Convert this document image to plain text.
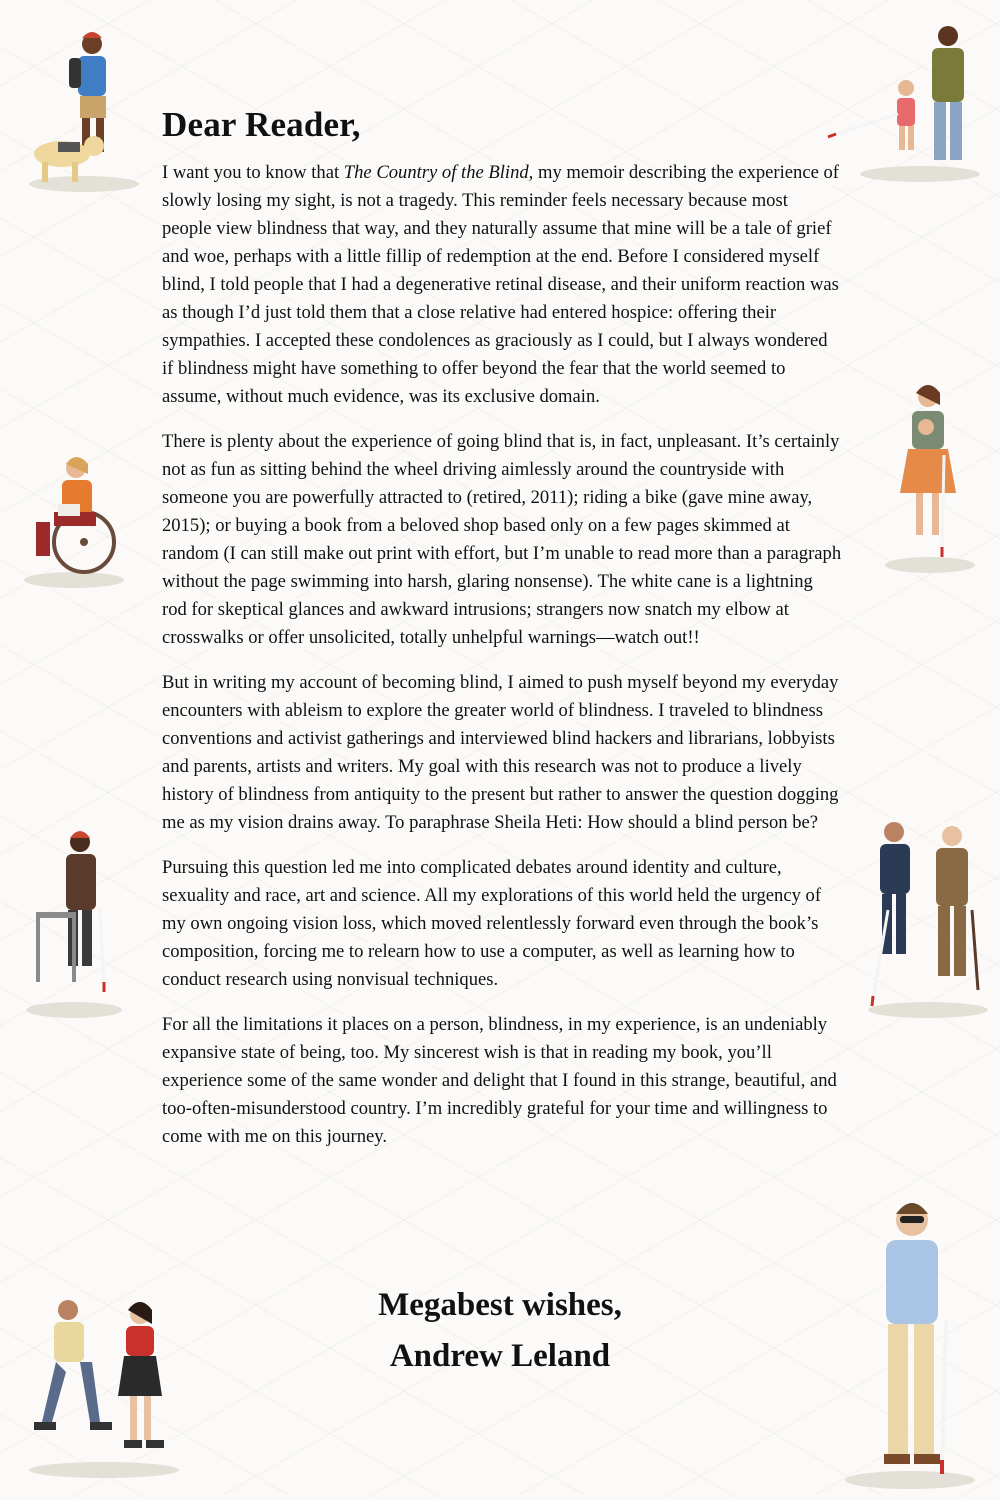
Dear Reader,

I want you to know that The Country of the Blind, my memoir describing the experience of slowly losing my sight, is not a tragedy. This reminder feels necessary because most people view blindness that way, and they naturally assume that mine will be a tale of grief and woe, perhaps with a little fillip of redemption at the end. Before I considered myself blind, I told people that I had a degenerative retinal disease, and their uniform reaction was as though I’d just told them that a close relative had entered hospice: offering their sympathies. I accepted these condolences as graciously as I could, but I always wondered if blindness might have something to offer beyond the fear that the world seemed to assume, without much evidence, was its exclusive domain.

There is plenty about the experience of going blind that is, in fact, unpleasant. It’s certainly not as fun as sitting behind the wheel driving aimlessly around the countryside with someone you are powerfully attracted to (retired, 2011); riding a bike (gave mine away, 2015); or buying a book from a beloved shop based only on a few pages skimmed at random (I can still make out print with effort, but I’m unable to read more than a paragraph without the page swimming into harsh, glaring nonsense). The white cane is a lightning rod for skeptical glances and awkward intrusions; strangers now snatch my elbow at crosswalks or offer unsolicited, totally unhelpful warnings—watch out!!

But in writing my account of becoming blind, I aimed to push myself beyond my everyday encounters with ableism to explore the greater world of blindness. I traveled to blindness conventions and activist gatherings and interviewed blind hackers and librarians, lobbyists and parents, artists and writers. My goal with this research was not to produce a lively history of blindness from antiquity to the present but rather to answer the question dogging me as my vision drains away. To paraphrase Sheila Heti: How should a blind person be?

Pursuing this question led me into complicated debates around identity and culture, sexuality and race, art and science. All my explorations of this world held the urgency of my own ongoing vision loss, which moved relentlessly forward even through the book’s composition, forcing me to relearn how to use a computer, as well as learning how to conduct research using nonvisual techniques.

For all the limitations it places on a person, blindness, in my experience, is an undeniably expansive state of being, too. My sincerest wish is that in reading my book, you’ll experience some of the same wonder and delight that I found in this strange, beautiful, and too-often-misunderstood country. I’m incredibly grateful for your time and willingness to come with me on this journey.

Megabest wishes,
Andrew Leland
